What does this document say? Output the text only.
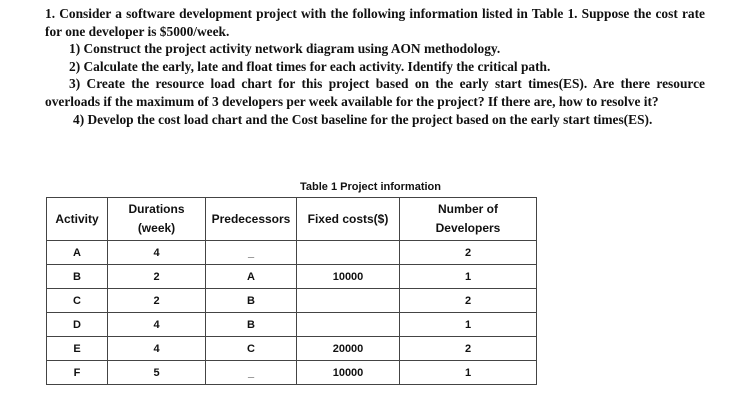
1. Consider a software development project with the following information listed in Table 1. Suppose the cost rate for one developer is $5000/week.

1) Construct the project activity network diagram using AON methodology.

2) Calculate the early, late and float times for each activity. Identify the critical path.

3) Create the resource load chart for this project based on the early start times(ES). Are there resource overloads if the maximum of 3 developers per week available for the project? If there are, how to resolve it?

4) Develop the cost load chart and the Cost baseline for the project based on the early start times(ES).

Table 1 Project information
Activity	Durations
(week)	Predecessors	Fixed costs($)	Number of
Developers
A	4	_		2
B	2	A	10000	1
C	2	B		2
D	4	B		1
E	4	C	20000	2
F	5	_	10000	1
